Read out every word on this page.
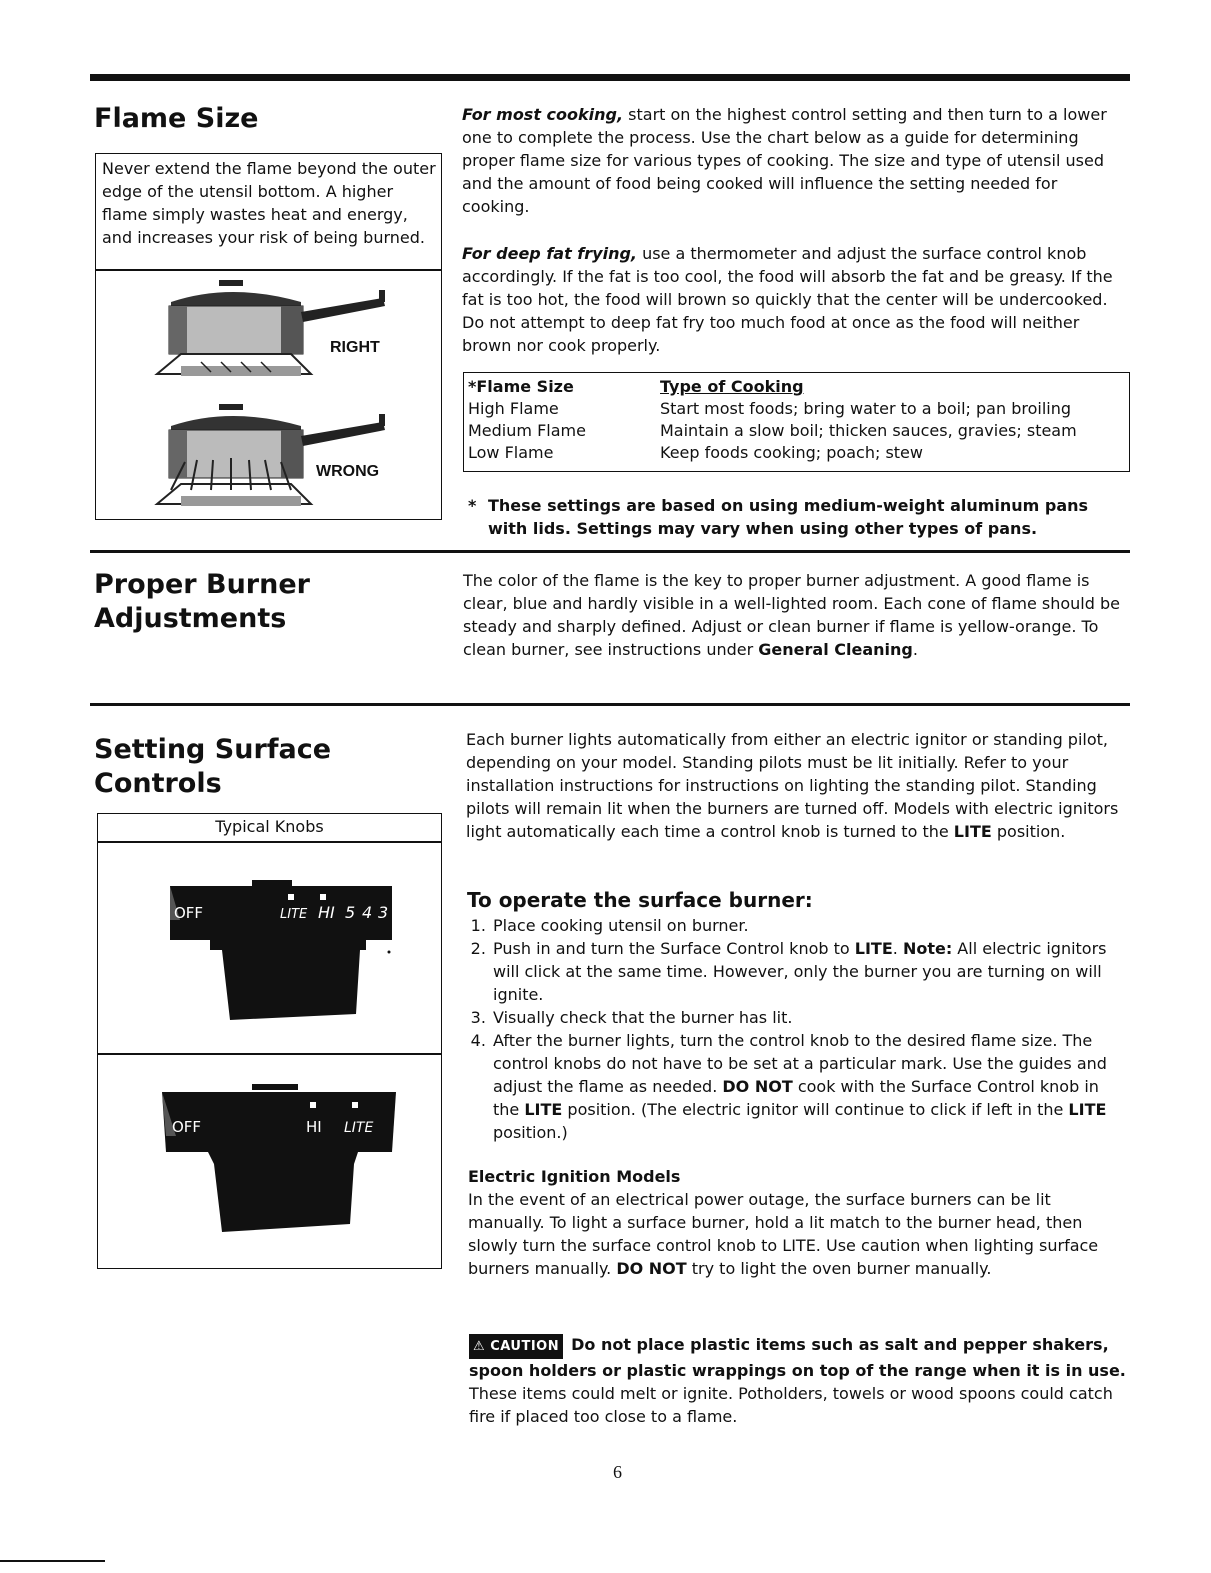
Flame Size
Never extend the flame beyond the outer edge of the utensil bottom. A higher flame simply wastes heat and energy, and increases your risk of being burned.
RIGHT
WRONG

For most cooking, start on the highest control setting and then turn to a lower one to complete the process. Use the chart below as a guide for determining proper flame size for various types of cooking. The size and type of utensil used and the amount of food being cooked will influence the setting needed for cooking.

For deep fat frying, use a thermometer and adjust the surface control knob accordingly. If the fat is too cool, the food will absorb the fat and be greasy. If the fat is too hot, the food will brown so quickly that the center will be undercooked. Do not attempt to deep fat fry too much food at once as the food will neither brown nor cook properly.

*Flame Size	Type of Cooking
High Flame	Start most foods; bring water to a boil; pan broiling
Medium Flame	Maintain a slow boil; thicken sauces, gravies; steam
Low Flame	Keep foods cooking; poach; stew
* These settings are based on using medium-weight aluminum pans with lids. Settings may vary when using other types of pans.
Proper Burner
Adjustments

The color of the flame is the key to proper burner adjustment. A good flame is clear, blue and hardly visible in a well-lighted room. Each cone of flame should be steady and sharply defined. Adjust or clean burner if flame is yellow-orange. To clean burner, see instructions under General Cleaning.

Setting Surface
Controls
Typical Knobs
OFF	LITE HI 5 4 3
OFF	HI LITE

Each burner lights automatically from either an electric ignitor or standing pilot, depending on your model. Standing pilots must be lit initially. Refer to your installation instructions for instructions on lighting the standing pilot. Standing pilots will remain lit when the burners are turned off. Models with electric ignitors light automatically each time a control knob is turned to the LITE position.

To operate the surface burner:
1. Place cooking utensil on burner.
2. Push in and turn the Surface Control knob to LITE. Note: All electric ignitors will click at the same time. However, only the burner you are turning on will ignite.
3. Visually check that the burner has lit.
4. After the burner lights, turn the control knob to the desired flame size. The control knobs do not have to be set at a particular mark. Use the guides and adjust the flame as needed. DO NOT cook with the Surface Control knob in the LITE position. (The electric ignitor will continue to click if left in the LITE position.)
Electric Ignition Models

In the event of an electrical power outage, the surface burners can be lit manually. To light a surface burner, hold a lit match to the burner head, then slowly turn the surface control knob to LITE. Use caution when lighting surface burners manually. DO NOT try to light the oven burner manually.

⚠ CAUTION Do not place plastic items such as salt and pepper shakers, spoon holders or plastic wrappings on top of the range when it is in use. These items could melt or ignite. Potholders, towels or wood spoons could catch fire if placed too close to a flame.

6
